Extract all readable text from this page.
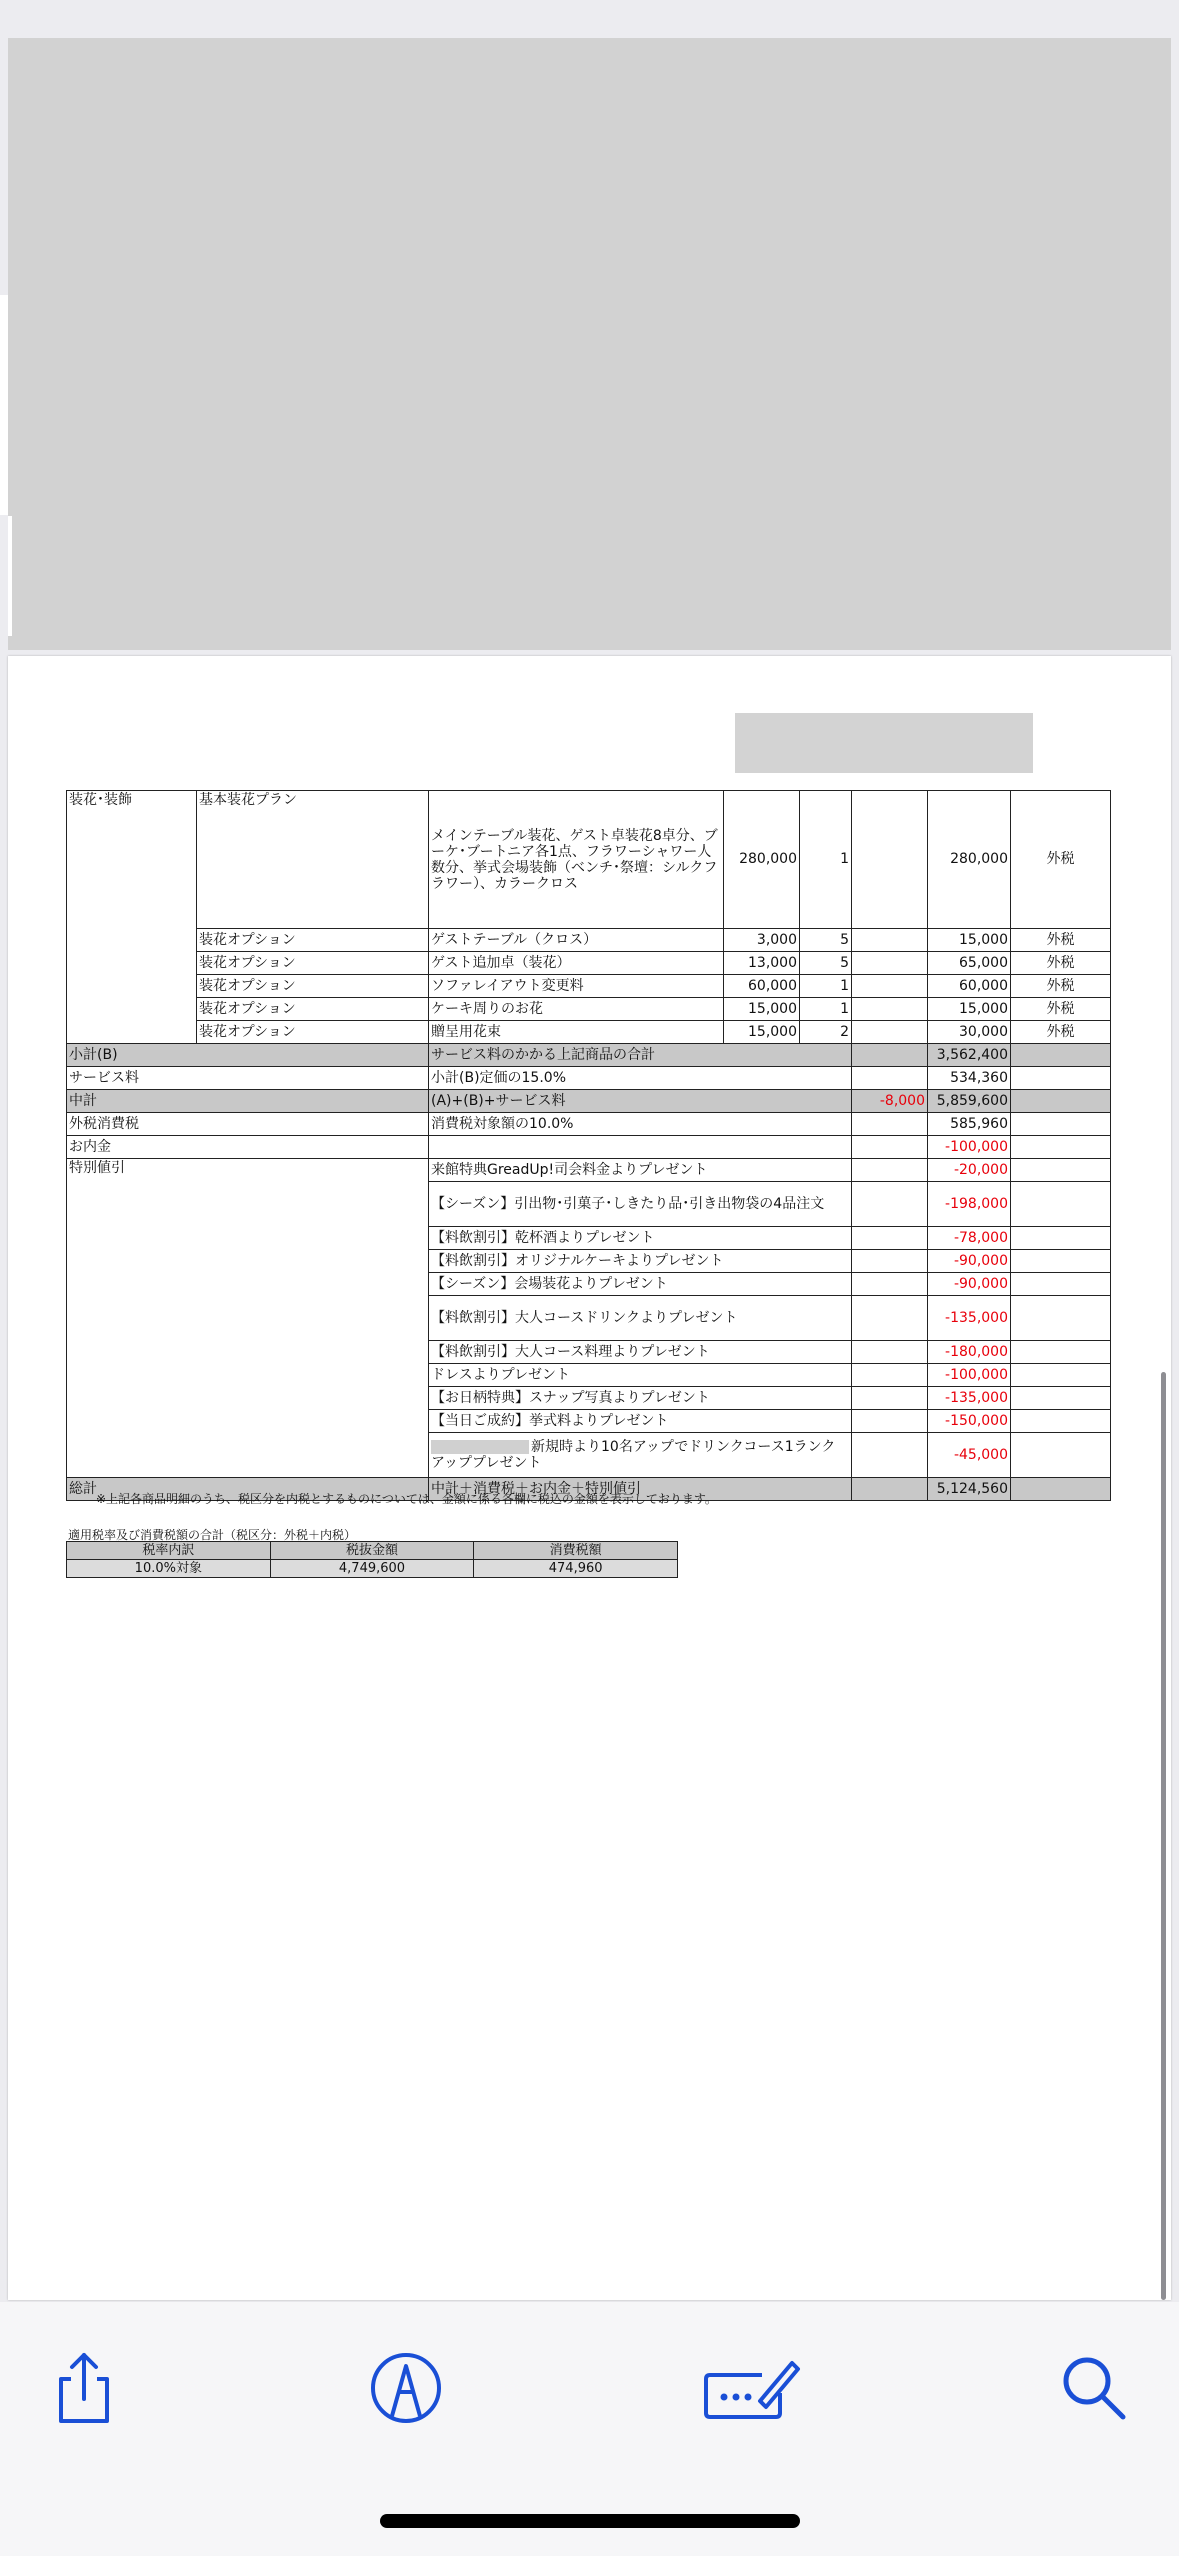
装花･装飾	基本装花プラン	メインテーブル装花、ゲスト卓装花8卓分、ブーケ･ブートニア各1点、フラワーシャワー人数分、挙式会場装飾（ベンチ･祭壇：シルクフラワー）、カラークロス	280,000	1		280,000	外税
	装花オプション	ゲストテーブル（クロス）	3,000	5		15,000	外税
	装花オプション	ゲスト追加卓（装花）	13,000	5		65,000	外税
	装花オプション	ソファレイアウト変更料	60,000	1		60,000	外税
	装花オプション	ケーキ周りのお花	15,000	1		15,000	外税
	装花オプション	贈呈用花束	15,000	2		30,000	外税
小計(B)		サービス料のかかる上記商品の合計				3,562,400	
サービス料		小計(B)定価の15.0%				534,360	
中計		(A)+(B)+サービス料			-8,000	5,859,600	
外税消費税		消費税対象額の10.0%				585,960	
お内金						-100,000	
特別値引		来館特典GreadUp!司会料金よりプレゼント				-20,000	
		【シーズン】引出物･引菓子･しきたり品･引き出物袋の4品注文				-198,000	
		【料飲割引】乾杯酒よりプレゼント				-78,000	
		【料飲割引】オリジナルケーキよりプレゼント				-90,000	
		【シーズン】会場装花よりプレゼント				-90,000	
		【料飲割引】大人コースドリンクよりプレゼント				-135,000	
		【料飲割引】大人コース料理よりプレゼント				-180,000	
		ドレスよりプレゼント				-100,000	
		【お日柄特典】スナップ写真よりプレゼント				-135,000	
		【当日ご成約】挙式料よりプレゼント				-150,000	
		新規時より10名アップでドリンクコース1ランクアッププレゼント				-45,000	
総計		中計＋消費税＋お内金＋特別値引				5,124,560	
※上記各商品明細のうち、税区分を内税とするものについては、金額に係る各欄に税込の金額を表示しております。
適用税率及び消費税額の合計（税区分：外税＋内税）
税率内訳	税抜金額	消費税額
10.0%対象	4,749,600	474,960
